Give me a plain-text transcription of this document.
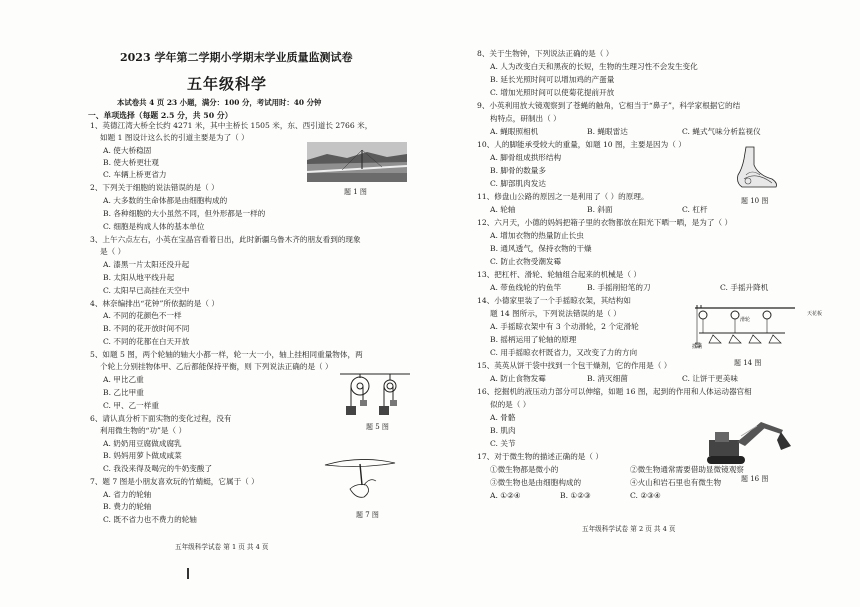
2023 学年第二学期小学期末学业质量监测试卷
五年级科学
本试卷共 4 页 23 小题，满分：100 分，考试用时：40 分钟
一、单项选择（每题 2.5 分，共 50 分）
1、英德江湾大桥全长约 4271 米，其中主桥长 1505 米，东、西引道长 2766 米，
如题 1 图设计这么长的引道主要是为了（ ）
A. 使大桥稳固
B. 使大桥更壮观
C. 车辆上桥更省力
2、下列关于细胞的说法错误的是（ ）
A. 大多数的生命体都是由细胞构成的
B. 各种细胞的大小虽然不同，但外形都是一样的
C. 细胞是构成人体的基本单位
3、上午六点左右，小英在宝晶宫看着日出，此时新疆乌鲁木齐的朋友看到的现象
是（ ）
A. 漆黑一片太阳还没升起
B. 太阳从地平线升起
C. 太阳早已高挂在天空中
4、林奈编排出“花钟”所依据的是（ ）
A. 不同的花颜色不一样
B. 不同的花开放时间不同
C. 不同的花都在白天开放
5、如题 5 图，两个轮轴的轴大小都一样，轮一大一小，轴上挂相同重量物体，两
个轮上分别挂物体甲、乙后都能保持平衡，则 下列说法正确的是（ ）
A. 甲比乙重
B. 乙比甲重
C. 甲、乙一样重
6、请认真分析下面实物的变化过程，没有
利用微生物的“功”是（ ）
A. 奶奶用豆腐做成腐乳
B. 妈妈用萝卜做成咸菜
C. 我没来得及喝完的牛奶变酸了
7、题 7 图是小朋友喜欢玩的竹蜻蜓，它属于（ ）
A. 省力的轮轴
B. 费力的轮轴
C. 既不省力也不费力的轮轴
题 1 图
题 5 图
题 7 图
五年级科学试卷 第 1 页 共 4 页
8、关于生物钟，下列说法正确的是（ ）
A. 人为改变白天和黑夜的长短，生物的生理习性不会发生变化
B. 延长光照时间可以增加鸡的产蛋量
C. 增加光照时间可以使菊花提前开放
9、小英利用放大镜观察到了苍蝇的触角，它相当于“鼻子”，科学家根据它的结
构特点，研制出（ ）
A. 蝇眼照相机	B. 蝇眼雷达	C. 蝇式气味分析监视仪
10、人的脚能承受较大的重量，如题 10 图，主要是因为（ ）
A. 脚骨组成拱形结构
B. 脚骨的数量多
C. 脚部肌肉发达
11、修盘山公路的原因之一是利用了（ ）的原理。
A. 轮轴	B. 斜面	C. 杠杆
12、六月天，小德的妈妈把箱子里的衣物都放在阳光下晒一晒，是为了（ ）
A. 增加衣物的热量防止长虫
B. 通风透气，保持衣物的干燥
C. 防止衣物受潮发霉
13、把杠杆、滑轮、轮轴组合起来的机械是（ ）
A. 带鱼线轮的钓鱼竿	B. 手摇削铅笔的刀	C. 手摇升降机
14、小德家里装了一个手摇晾衣架，其结构如
题 14 图所示，下列说法错误的是（ ）
A. 手摇晾衣架中有 3 个动滑轮，2 个定滑轮
B. 摇柄运用了轮轴的原理
C. 用手摇晾衣杆既省力，又改变了力的方向
15、英英从饼干袋中找到一个包干燥剂，它的作用是（ ）
A. 防止食物发霉	B. 消灭细菌	C. 让饼干更美味
16、挖掘机的液压动力部分可以伸缩，如题 16 图，起到的作用和人体运动器官相
似的是（ ）
A. 骨骼
B. 肌肉
C. 关节
17、对于微生物的描述正确的是（ ）
①微生物都是微小的	②微生物通常需要借助显微镜观察
③微生物也是由细胞构成的	④火山和岩石里也有微生物
A. ①②④	B. ①②③	C. ②③④
题 10 图
摇柄
滑轮
天花板
题 14 图
题 16 图
五年级科学试卷 第 2 页 共 4 页
